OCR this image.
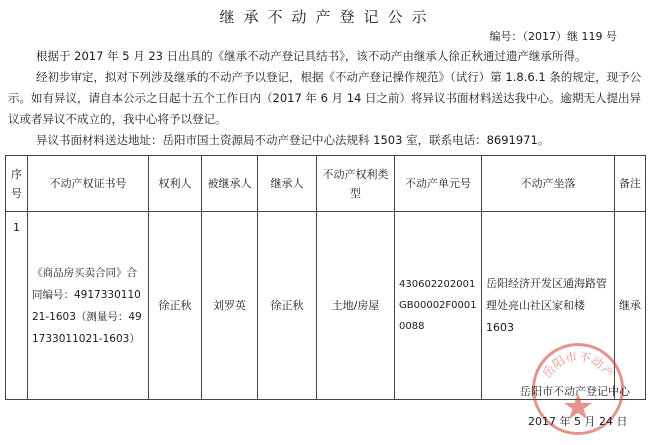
继承不动产登记公示
编号：（2017）继 119 号
根据于 2017 年 5 月 23 日出具的《继承不动产登记具结书》，该不动产由继承人徐正秋通过遗产继承所得。
经初步审定，拟对下列涉及继承的不动产予以登记，根据《不动产登记操作规范》（试行）第 1.8.6.1 条的规定，现予公示。如有异议，请自本公示之日起十五个工作日内（2017 年 6 月 14 日之前）将异议书面材料送达我中心。逾期无人提出异议或者异议不成立的，我中心将予以登记。
异议书面材料送达地址：岳阳市国土资源局不动产登记中心法规科 1503 室，联系电话：8691971。
序号	不动产权证书号	权利人	被继承人	继承人	不动产权利类型	不动产单元号	不动产坐落	备注
1	《商品房买卖合同》合同编号：491733011021-1603（测量号：491733011021-1603）	徐正秋	刘罗英	徐正秋	土地/房屋	430602202001GB00002F00010088	岳阳经济开发区通海路管理处亮山社区家和楼 1603	继承
岳阳市不动产
岳阳市不动产登记中心
2017 年 5 月 24 日
